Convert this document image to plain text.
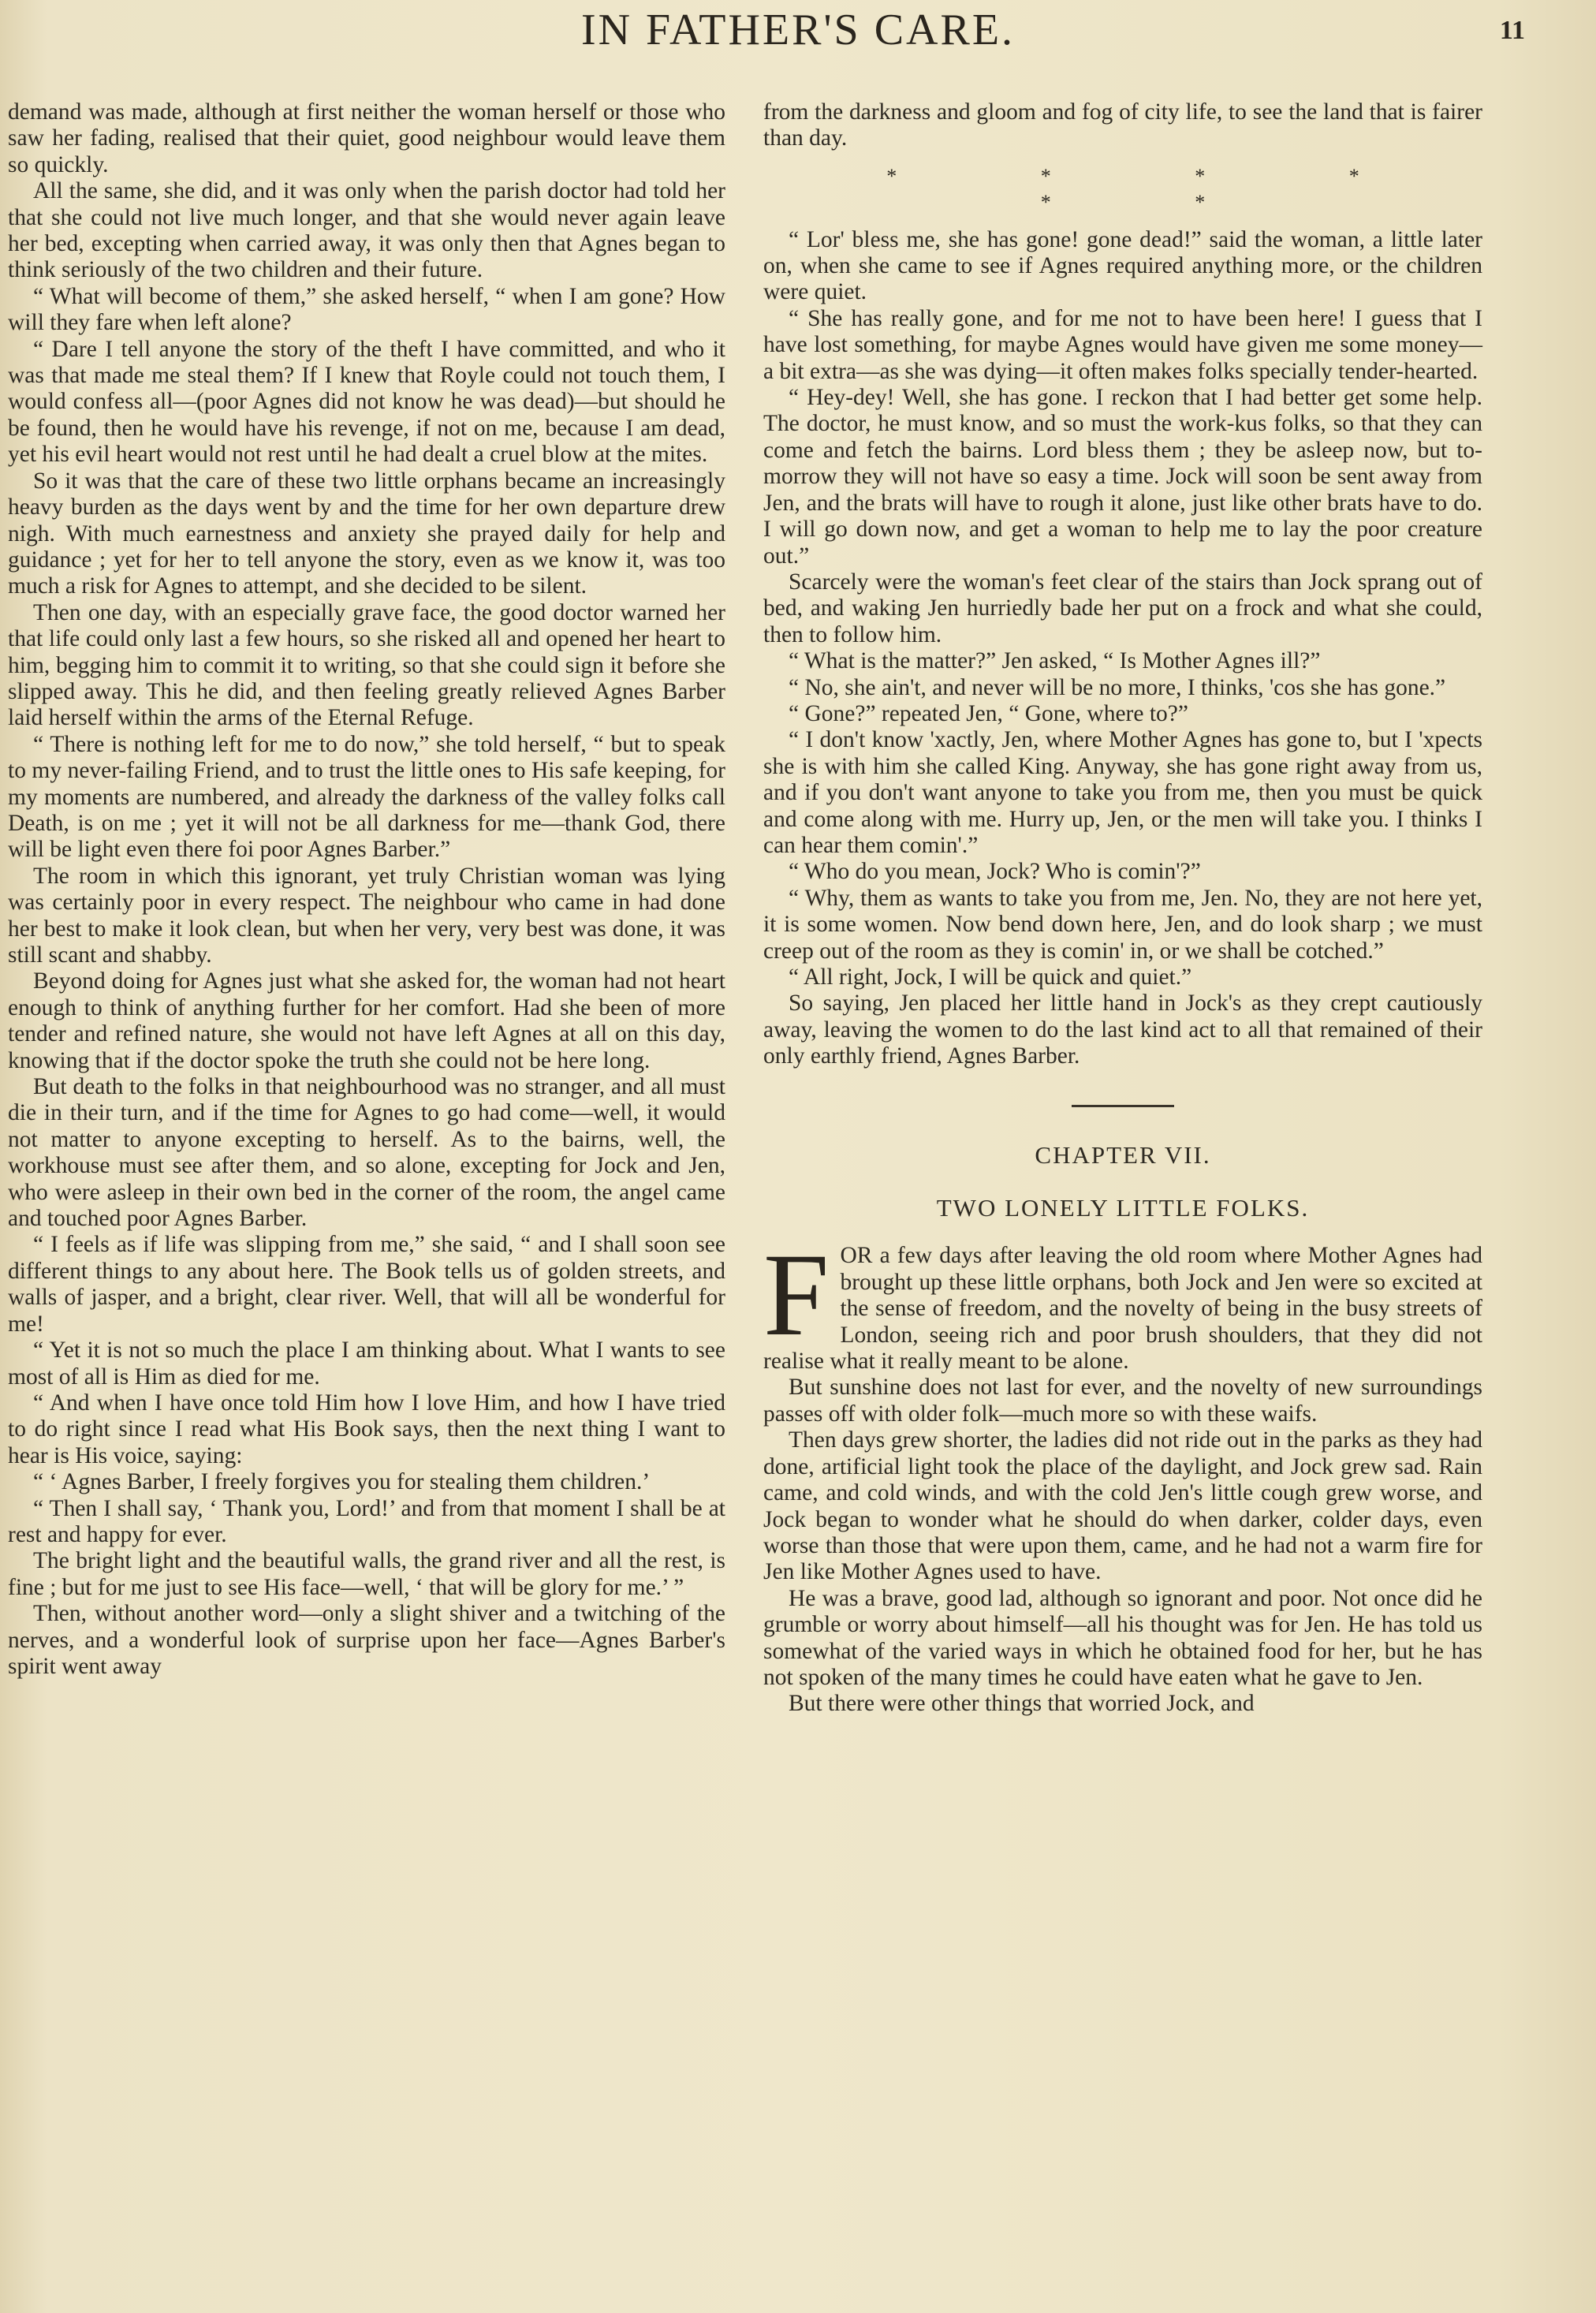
IN FATHER'S CARE.	11

demand was made, although at first neither the woman herself or those who saw her fading, realised that their quiet, good neighbour would leave them so quickly.

All the same, she did, and it was only when the parish doctor had told her that she could not live much longer, and that she would never again leave her bed, excepting when carried away, it was only then that Agnes began to think seriously of the two children and their future.

“ What will become of them,” she asked herself, “ when I am gone? How will they fare when left alone?

“ Dare I tell anyone the story of the theft I have committed, and who it was that made me steal them? If I knew that Royle could not touch them, I would confess all—(poor Agnes did not know he was dead)—but should he be found, then he would have his revenge, if not on me, because I am dead, yet his evil heart would not rest until he had dealt a cruel blow at the mites.

So it was that the care of these two little orphans became an increasingly heavy burden as the days went by and the time for her own departure drew nigh. With much earnestness and anxiety she prayed daily for help and guidance ; yet for her to tell anyone the story, even as we know it, was too much a risk for Agnes to attempt, and she decided to be silent.

Then one day, with an especially grave face, the good doctor warned her that life could only last a few hours, so she risked all and opened her heart to him, begging him to commit it to writing, so that she could sign it before she slipped away. This he did, and then feeling greatly relieved Agnes Barber laid herself within the arms of the Eternal Refuge.

“ There is nothing left for me to do now,” she told herself, “ but to speak to my never-failing Friend, and to trust the little ones to His safe keeping, for my moments are numbered, and already the darkness of the valley folks call Death, is on me ; yet it will not be all darkness for me—thank God, there will be light even there foi poor Agnes Barber.”

The room in which this ignorant, yet truly Christian woman was lying was certainly poor in every respect. The neighbour who came in had done her best to make it look clean, but when her very, very best was done, it was still scant and shabby.

Beyond doing for Agnes just what she asked for, the woman had not heart enough to think of anything further for her comfort. Had she been of more tender and refined nature, she would not have left Agnes at all on this day, knowing that if the doctor spoke the truth she could not be here long.

But death to the folks in that neighbourhood was no stranger, and all must die in their turn, and if the time for Agnes to go had come—well, it would not matter to anyone excepting to herself. As to the bairns, well, the workhouse must see after them, and so alone, excepting for Jock and Jen, who were asleep in their own bed in the corner of the room, the angel came and touched poor Agnes Barber.

“ I feels as if life was slipping from me,” she said, “ and I shall soon see different things to any about here. The Book tells us of golden streets, and walls of jasper, and a bright, clear river. Well, that will all be wonderful for me!

“ Yet it is not so much the place I am thinking about. What I wants to see most of all is Him as died for me.

“ And when I have once told Him how I love Him, and how I have tried to do right since I read what His Book says, then the next thing I want to hear is His voice, saying:

“ ‘ Agnes Barber, I freely forgives you for stealing them children.’

“ Then I shall say, ‘ Thank you, Lord!’ and from that moment I shall be at rest and happy for ever.

The bright light and the beautiful walls, the grand river and all the rest, is fine ; but for me just to see His face—well, ‘ that will be glory for me.’ ”

Then, without another word—only a slight shiver and a twitching of the nerves, and a wonderful look of surprise upon her face—Agnes Barber's spirit went away

from the darkness and gloom and fog of city life, to see the land that is fairer than day.

* * * * * *

“ Lor' bless me, she has gone! gone dead!” said the woman, a little later on, when she came to see if Agnes required anything more, or the children were quiet.

“ She has really gone, and for me not to have been here! I guess that I have lost something, for maybe Agnes would have given me some money—a bit extra—as she was dying—it often makes folks specially tender-hearted.

“ Hey-dey! Well, she has gone. I reckon that I had better get some help. The doctor, he must know, and so must the work-kus folks, so that they can come and fetch the bairns. Lord bless them ; they be asleep now, but to-morrow they will not have so easy a time. Jock will soon be sent away from Jen, and the brats will have to rough it alone, just like other brats have to do. I will go down now, and get a woman to help me to lay the poor creature out.”

Scarcely were the woman's feet clear of the stairs than Jock sprang out of bed, and waking Jen hurriedly bade her put on a frock and what she could, then to follow him.

“ What is the matter?” Jen asked, “ Is Mother Agnes ill?”

“ No, she ain't, and never will be no more, I thinks, 'cos she has gone.”

“ Gone?” repeated Jen, “ Gone, where to?”

“ I don't know 'xactly, Jen, where Mother Agnes has gone to, but I 'xpects she is with him she called King. Anyway, she has gone right away from us, and if you don't want anyone to take you from me, then you must be quick and come along with me. Hurry up, Jen, or the men will take you. I thinks I can hear them comin'.”

“ Who do you mean, Jock? Who is comin'?”

“ Why, them as wants to take you from me, Jen. No, they are not here yet, it is some women. Now bend down here, Jen, and do look sharp ; we must creep out of the room as they is comin' in, or we shall be cotched.”

“ All right, Jock, I will be quick and quiet.”

So saying, Jen placed her little hand in Jock's as they crept cautiously away, leaving the women to do the last kind act to all that remained of their only earthly friend, Agnes Barber.

CHAPTER VII.
TWO LONELY LITTLE FOLKS.

FOR a few days after leaving the old room where Mother Agnes had brought up these little orphans, both Jock and Jen were so excited at the sense of freedom, and the novelty of being in the busy streets of London, seeing rich and poor brush shoulders, that they did not realise what it really meant to be alone.

But sunshine does not last for ever, and the novelty of new surroundings passes off with older folk—much more so with these waifs.

Then days grew shorter, the ladies did not ride out in the parks as they had done, artificial light took the place of the daylight, and Jock grew sad. Rain came, and cold winds, and with the cold Jen's little cough grew worse, and Jock began to wonder what he should do when darker, colder days, even worse than those that were upon them, came, and he had not a warm fire for Jen like Mother Agnes used to have.

He was a brave, good lad, although so ignorant and poor. Not once did he grumble or worry about himself—all his thought was for Jen. He has told us somewhat of the varied ways in which he obtained food for her, but he has not spoken of the many times he could have eaten what he gave to Jen.

But there were other things that worried Jock, and
